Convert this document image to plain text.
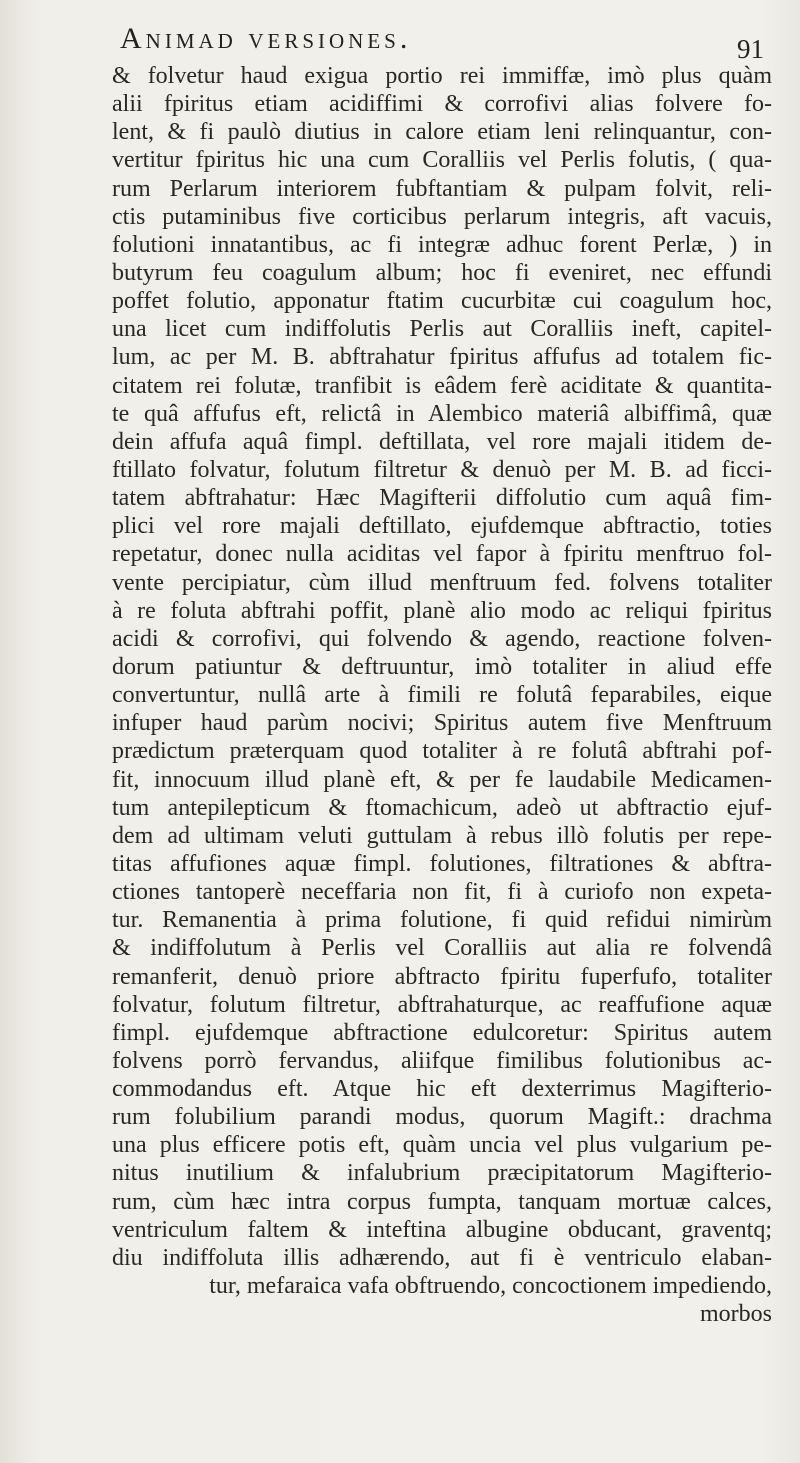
Animad versiones.	91
& folvetur haud exigua portio rei immiffæ, imò plus quàm
alii fpiritus etiam acidiffimi & corrofivi alias folvere fo-
lent, & fi paulò diutius in calore etiam leni relinquantur, con-
vertitur fpiritus hic una cum Coralliis vel Perlis folutis, ( qua-
rum Perlarum interiorem fubftantiam & pulpam folvit, reli-
ctis putaminibus five corticibus perlarum integris, aft vacuis,
folutioni innatantibus, ac fi integræ adhuc forent Perlæ, ) in
butyrum feu coagulum album; hoc fi eveniret, nec effundi
poffet folutio, apponatur ftatim cucurbitæ cui coagulum hoc,
una licet cum indiffolutis Perlis aut Coralliis ineft, capitel-
lum, ac per M. B. abftrahatur fpiritus affufus ad totalem fic-
citatem rei folutæ, tranfibit is eâdem ferè aciditate & quantita-
te quâ affufus eft, relictâ in Alembico materiâ albiffimâ, quæ
dein affufa aquâ fimpl. deftillata, vel rore majali itidem de-
ftillato folvatur, folutum filtretur & denuò per M. B. ad ficci-
tatem abftrahatur: Hæc Magifterii diffolutio cum aquâ fim-
plici vel rore majali deftillato, ejufdemque abftractio, toties
repetatur, donec nulla aciditas vel fapor à fpiritu menftruo fol-
vente percipiatur, cùm illud menftruum fed. folvens totaliter
à re foluta abftrahi poffit, planè alio modo ac reliqui fpiritus
acidi & corrofivi, qui folvendo & agendo, reactione folven-
dorum patiuntur & deftruuntur, imò totaliter in aliud effe
convertuntur, nullâ arte à fimili re folutâ feparabiles, eique
infuper haud parùm nocivi; Spiritus autem five Menftruum
prædictum præterquam quod totaliter à re folutâ abftrahi pof-
fit, innocuum illud planè eft, & per fe laudabile Medicamen-
tum antepilepticum & ftomachicum, adeò ut abftractio ejuf-
dem ad ultimam veluti guttulam à rebus illò folutis per repe-
titas affufiones aquæ fimpl. folutiones, filtrationes & abftra-
ctiones tantoperè neceffaria non fit, fi à curiofo non expeta-
tur. Remanentia à prima folutione, fi quid refidui nimirùm
& indiffolutum à Perlis vel Coralliis aut alia re folvendâ
remanferit, denuò priore abftracto fpiritu fuperfufo, totaliter
folvatur, folutum filtretur, abftrahaturque, ac reaffufione aquæ
fimpl. ejufdemque abftractione edulcoretur: Spiritus autem
folvens porrò fervandus, aliifque fimilibus folutionibus ac-
commodandus eft. Atque hic eft dexterrimus Magifterio-
rum folubilium parandi modus, quorum Magift.: drachma
una plus efficere potis eft, quàm uncia vel plus vulgarium pe-
nitus inutilium & infalubrium præcipitatorum Magifterio-
rum, cùm hæc intra corpus fumpta, tanquam mortuæ calces,
ventriculum faltem & inteftina albugine obducant, graventq;
diu indiffoluta illis adhærendo, aut fi è ventriculo elaban-
tur, mefaraica vafa obftruendo, concoctionem impediendo,
morbos
